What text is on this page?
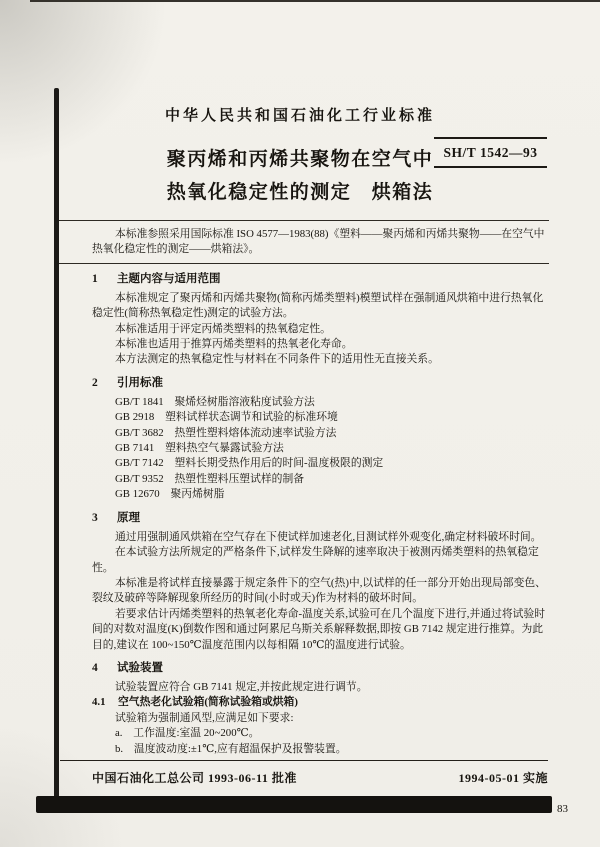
中华人民共和国石油化工行业标准
聚丙烯和丙烯共聚物在空气中
热氧化稳定性的测定　烘箱法
SH/T 1542—93

本标准参照采用国际标准 ISO 4577—1983(88)《塑料——聚丙烯和丙烯共聚物——在空气中热氧化稳定性的测定——烘箱法》。

1 主题内容与适用范围

本标准规定了聚丙烯和丙烯共聚物(简称丙烯类塑料)模塑试样在强制通风烘箱中进行热氧化稳定性(简称热氧稳定性)测定的试验方法。

本标准适用于评定丙烯类塑料的热氧稳定性。

本标准也适用于推算丙烯类塑料的热氧老化寿命。

本方法测定的热氧稳定性与材料在不同条件下的适用性无直接关系。

2 引用标准
GB/T 1841　聚烯烃树脂溶液粘度试验方法
GB 2918　塑料试样状态调节和试验的标准环境
GB/T 3682　热塑性塑料熔体流动速率试验方法
GB 7141　塑料热空气暴露试验方法
GB/T 7142　塑料长期受热作用后的时间-温度极限的测定
GB/T 9352　热塑性塑料压塑试样的制备
GB 12670　聚丙烯树脂
3 原理

通过用强制通风烘箱在空气存在下使试样加速老化,目测试样外观变化,确定材料破坏时间。

在本试验方法所规定的严格条件下,试样发生降解的速率取决于被测丙烯类塑料的热氧稳定性。

本标准是将试样直接暴露于规定条件下的空气(热)中,以试样的任一部分开始出现局部变色、裂纹及破碎等降解现象所经历的时间(小时或天)作为材料的破坏时间。

若要求估计丙烯类塑料的热氧老化寿命-温度关系,试验可在几个温度下进行,并通过将试验时间的对数对温度(K)倒数作图和通过阿累尼乌斯关系解释数据,即按 GB 7142 规定进行推算。为此目的,建议在 100~150℃温度范围内以每相隔 10℃的温度进行试验。

4 试验装置

试验装置应符合 GB 7141 规定,并按此规定进行调节。

4.1 空气热老化试验箱(简称试验箱或烘箱)

试验箱为强制通风型,应满足如下要求:

a.　工作温度:室温 20~200℃。

b.　温度波动度:±1℃,应有超温保护及报警装置。

中国石油化工总公司 1993-06-11 批准	1994-05-01 实施
83
